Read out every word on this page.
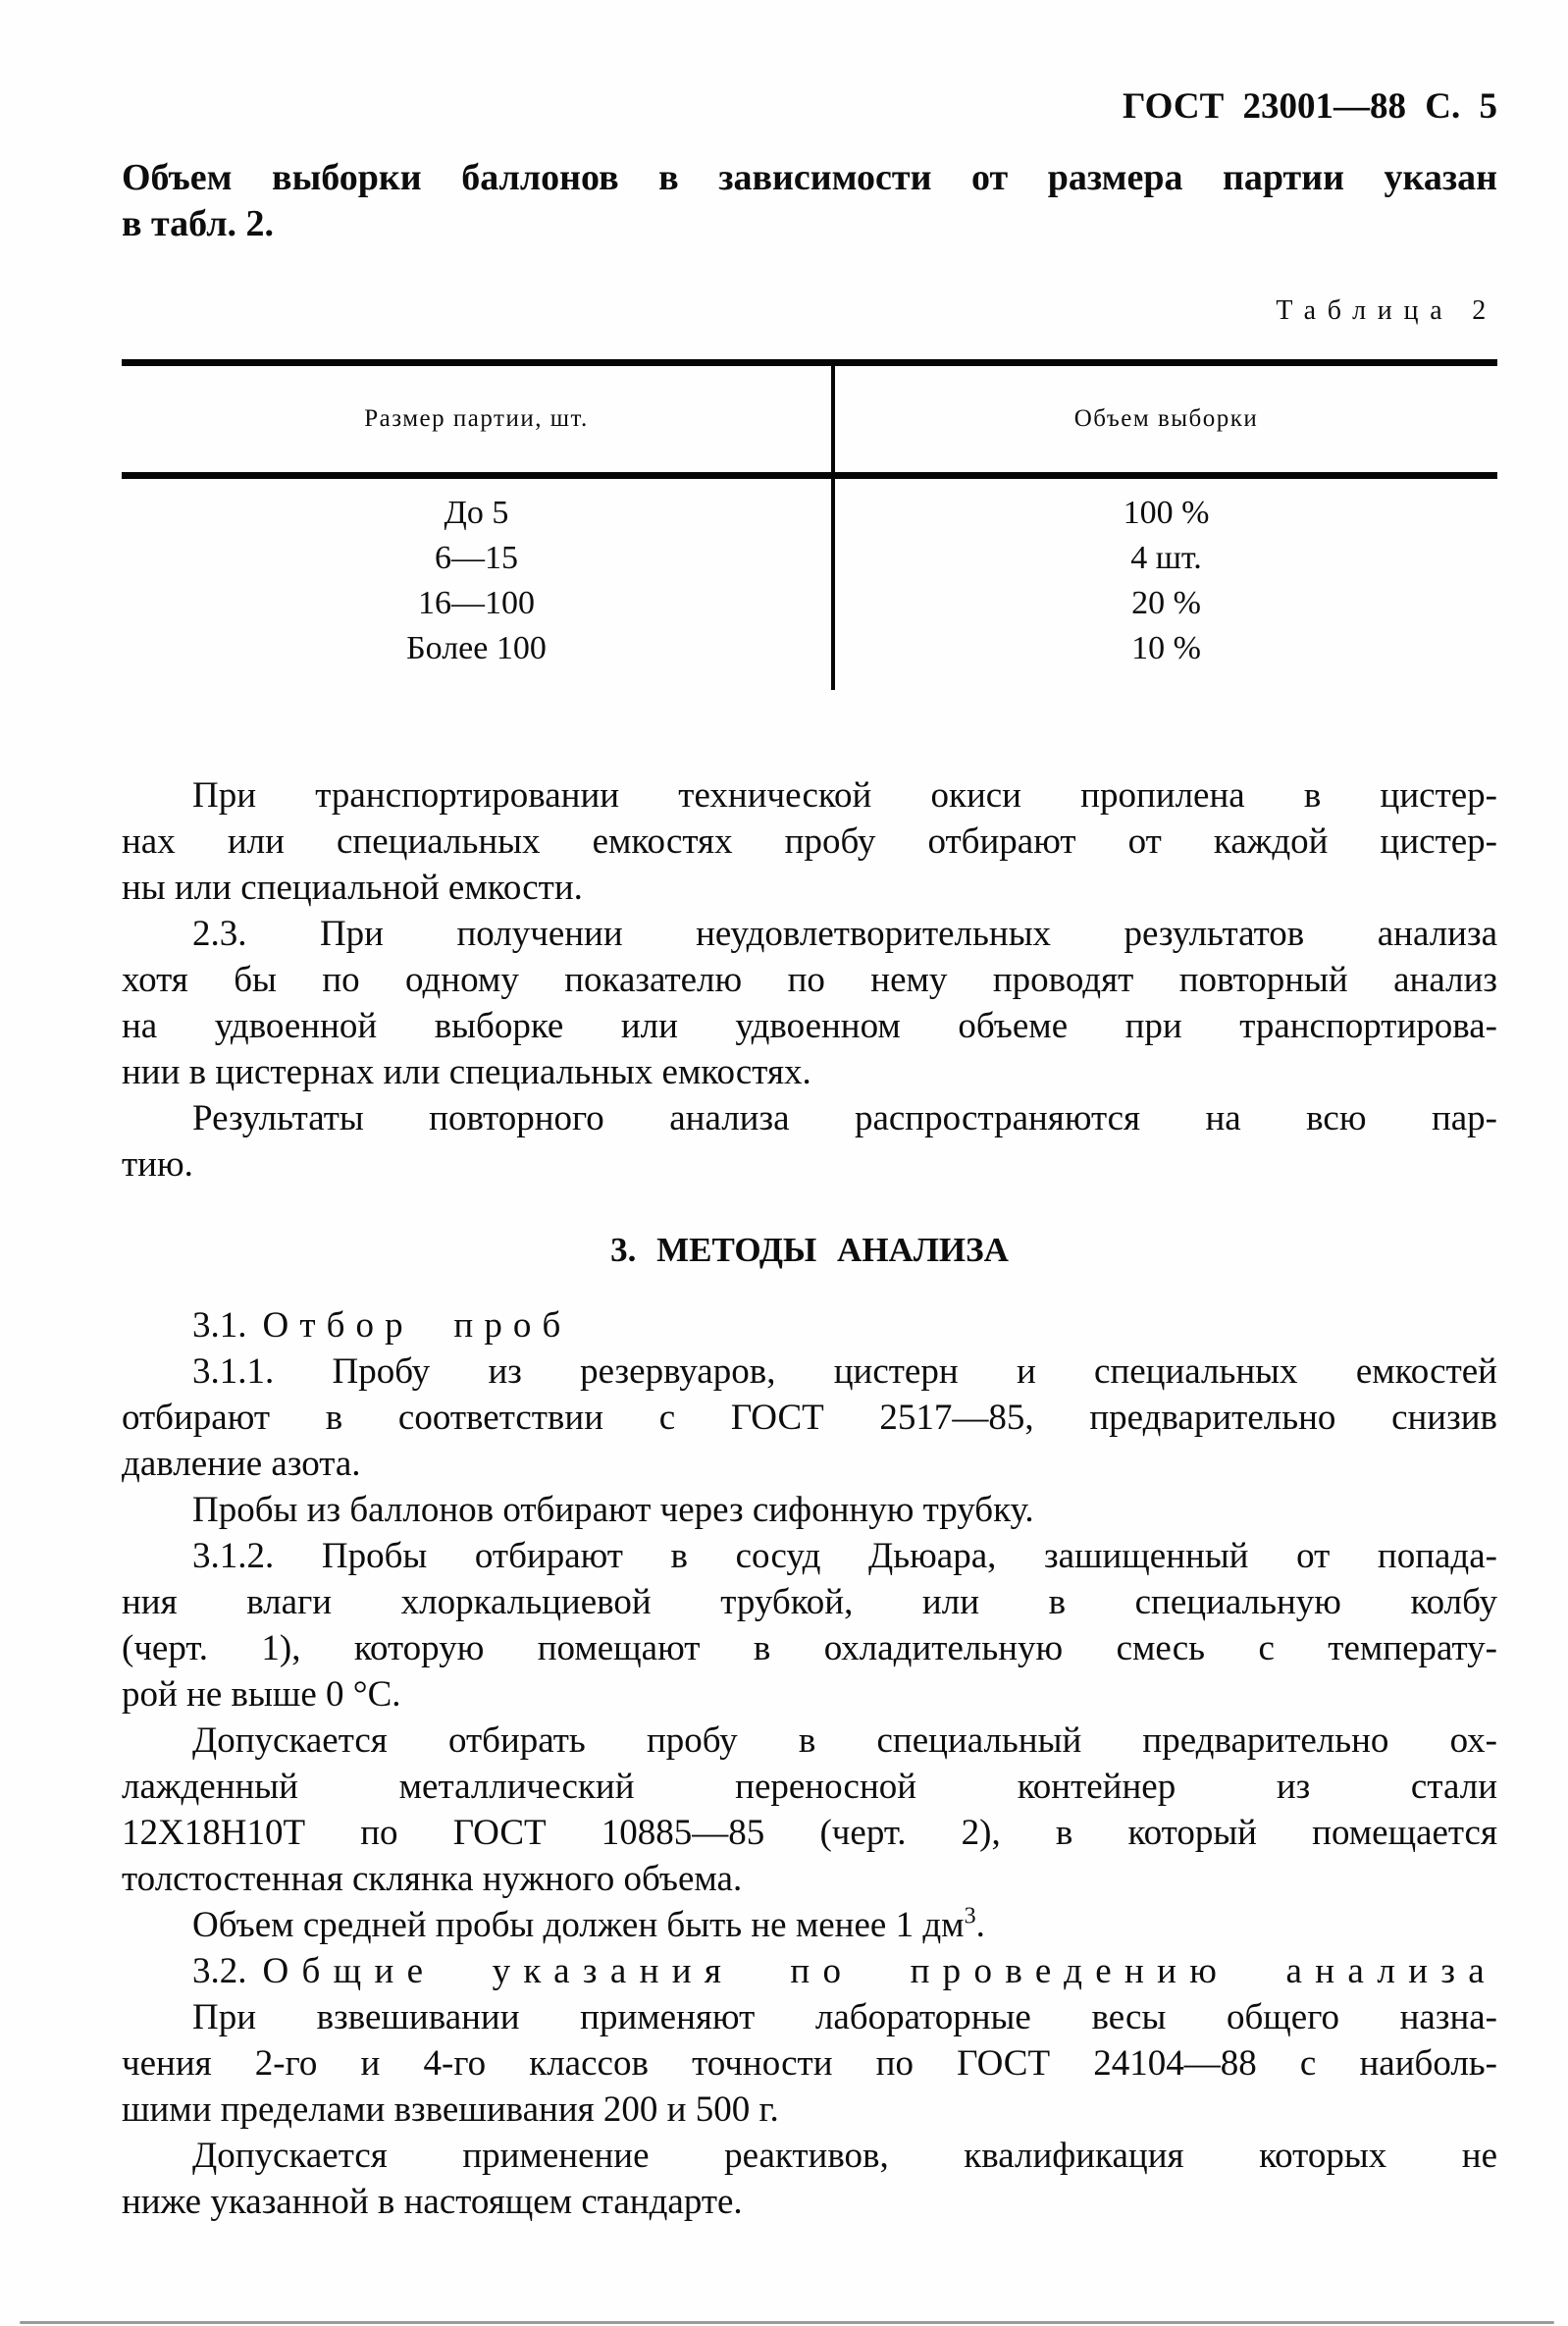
ГОСТ 23001—88 С. 5
Объем выборки баллонов в зависимости от размера партии указан
в табл. 2.
Таблица 2
Размер партии, шт.	Объем выборки
До 5
6—15
16—100
Более 100
100 %
4 шт.
20 %
10 %
При транспортировании технической окиси пропилена в цистер-
нах или специальных емкостях пробу отбирают от каждой цистер-
ны или специальной емкости.
2.3. При получении неудовлетворительных результатов анализа
хотя бы по одному показателю по нему проводят повторный анализ
на удвоенной выборке или удвоенном объеме при транспортирова-
нии в цистернах или специальных емкостях.
Результаты повторного анализа распространяются на всю пар-
тию.
3. МЕТОДЫ АНАЛИЗА
3.1. Отбор проб
3.1.1. Пробу из резервуаров, цистерн и специальных емкостей
отбирают в соответствии с ГОСТ 2517—85, предварительно снизив
давление азота.
Пробы из баллонов отбирают через сифонную трубку.
3.1.2. Пробы отбирают в сосуд Дьюара, зашищенный от попада-
ния влаги хлоркальциевой трубкой, или в специальную колбу
(черт. 1), которую помещают в охладительную смесь с температу-
рой не выше 0 °С.
Допускается отбирать пробу в специальный предварительно ох-
лажденный металлический переносной контейнер из стали
12Х18Н10Т по ГОСТ 10885—85 (черт. 2), в который помещается
толстостенная склянка нужного объема.
Объем средней пробы должен быть не менее 1 $дм^3$.
3.2. Общие указания по проведению анализа
При взвешивании применяют лабораторные весы общего назна-
чения 2-го и 4-го классов точности по ГОСТ 24104—88 с наиболь-
шими пределами взвешивания 200 и 500 г.
Допускается применение реактивов, квалификация которых не
ниже указанной в настоящем стандарте.
